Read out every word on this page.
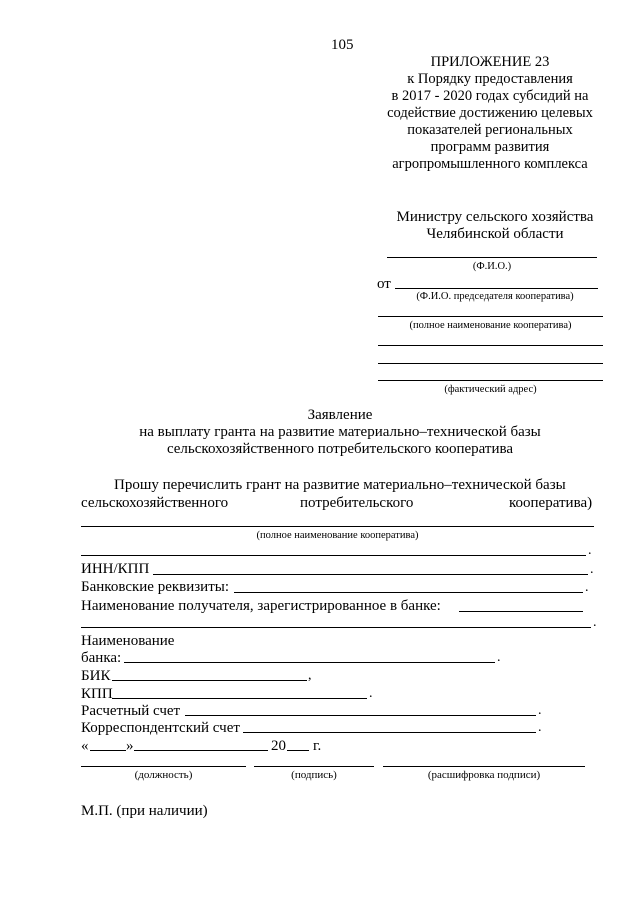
105
ПРИЛОЖЕНИЕ 23
к Порядку предоставления
в 2017 - 2020 годах субсидий на
содействие достижению целевых
показателей региональных
программ развития
агропромышленного комплекса
Министру сельского хозяйства
Челябинской области
(Ф.И.О.)
от
(Ф.И.О. председателя кооператива)
(полное наименование кооператива)
(фактический адрес)
Заявление
на выплату гранта на развитие материально–технической базы
сельскохозяйственного потребительского кооператива
Прошу перечислить грант на развитие материально–технической базы
сельскохозяйственного	потребительского	кооператива)
(полное наименование кооператива)
.
ИНН/КПП	.
Банковские реквизиты:	.
Наименование получателя, зарегистрированное в банке:
.
Наименование
банка:	.
БИК	,
КПП	.
Расчетный счет	.
Корреспондентский счет	.
«	»	20 г.
(должность)	(подпись)	(расшифровка подписи)
М.П. (при наличии)
